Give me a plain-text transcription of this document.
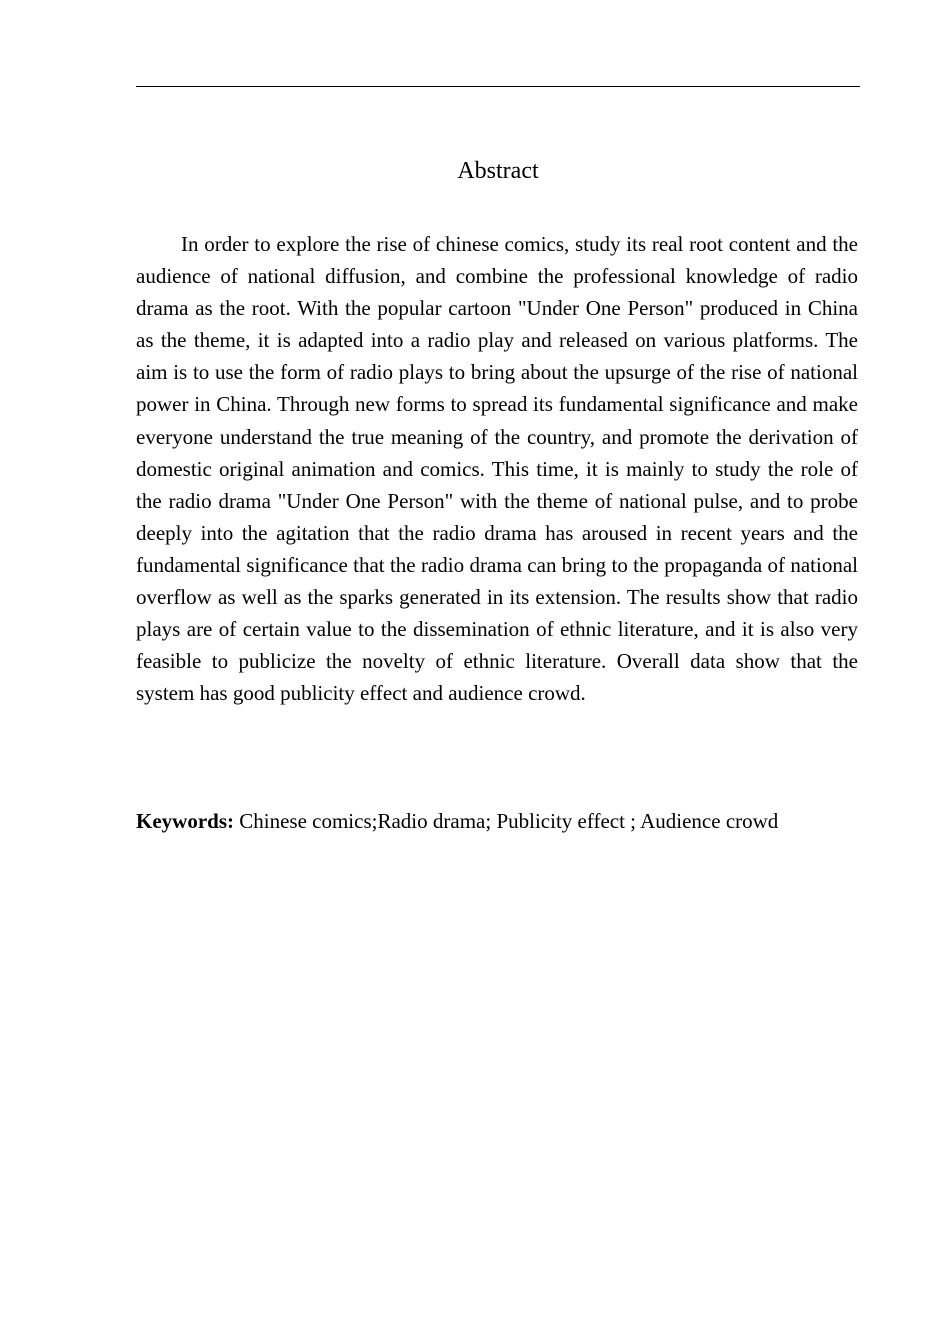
Abstract

In order to explore the rise of chinese comics, study its real root content and the audience of national diffusion, and combine the professional knowledge of radio drama as the root. With the popular cartoon "Under One Person" produced in China as the theme, it is adapted into a radio play and released on various platforms. The aim is to use the form of radio plays to bring about the upsurge of the rise of national power in China. Through new forms to spread its fundamental significance and make everyone understand the true meaning of the country, and promote the derivation of domestic original animation and comics. This time, it is mainly to study the role of the radio drama "Under One Person" with the theme of national pulse, and to probe deeply into the agitation that the radio drama has aroused in recent years and the fundamental significance that the radio drama can bring to the propaganda of national overflow as well as the sparks generated in its extension. The results show that radio plays are of certain value to the dissemination of ethnic literature, and it is also very feasible to publicize the novelty of ethnic literature. Overall data show that the system has good publicity effect and audience crowd.

Keywords: Chinese comics;Radio drama; Publicity effect ; Audience crowd
